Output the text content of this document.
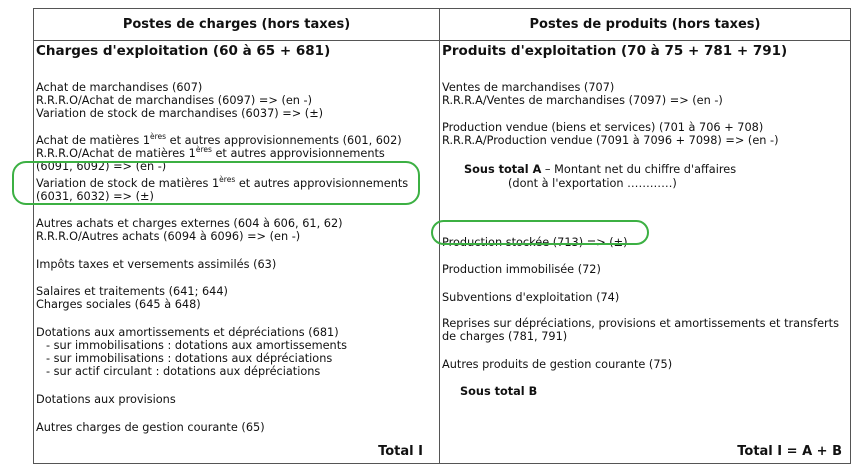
Postes de charges (hors taxes)	Postes de produits (hors taxes)
Charges d'exploitation (60 à 65 + 681)
Achat de marchandises (607)
R.R.R.O/Achat de marchandises (6097) => (en -)
Variation de stock de marchandises (6037) => (±)
Achat de matières 1ères et autres approvisionnements (601, 602)
R.R.R.O/Achat de matières 1ères et autres approvisionnements
(6091, 6092) => (en -)
Variation de stock de matières 1ères et autres approvisionnements
(6031, 6032) => (±)
Autres achats et charges externes (604 à 606, 61, 62)
R.R.R.O/Autres achats (6094 à 6096) => (en -)
Impôts taxes et versements assimilés (63)
Salaires et traitements (641; 644)
Charges sociales (645 à 648)
Dotations aux amortissements et dépréciations (681)
- sur immobilisations : dotations aux amortissements
- sur immobilisations : dotations aux dépréciations
- sur actif circulant : dotations aux dépréciations
Dotations aux provisions
Autres charges de gestion courante (65)
Total I
Produits d'exploitation (70 à 75 + 781 + 791)
Ventes de marchandises (707)
R.R.R.A/Ventes de marchandises (7097) => (en -)
Production vendue (biens et services) (701 à 706 + 708)
R.R.R.A/Production vendue (7091 à 7096 + 7098) => (en -)
Sous total A – Montant net du chiffre d'affaires
(dont à l'exportation …………)
Production stockée (713) => (±)
Production immobilisée (72)
Subventions d'exploitation (74)
Reprises sur dépréciations, provisions et amortissements et transferts
de charges (781, 791)
Autres produits de gestion courante (75)
Sous total B
Total I = A + B
